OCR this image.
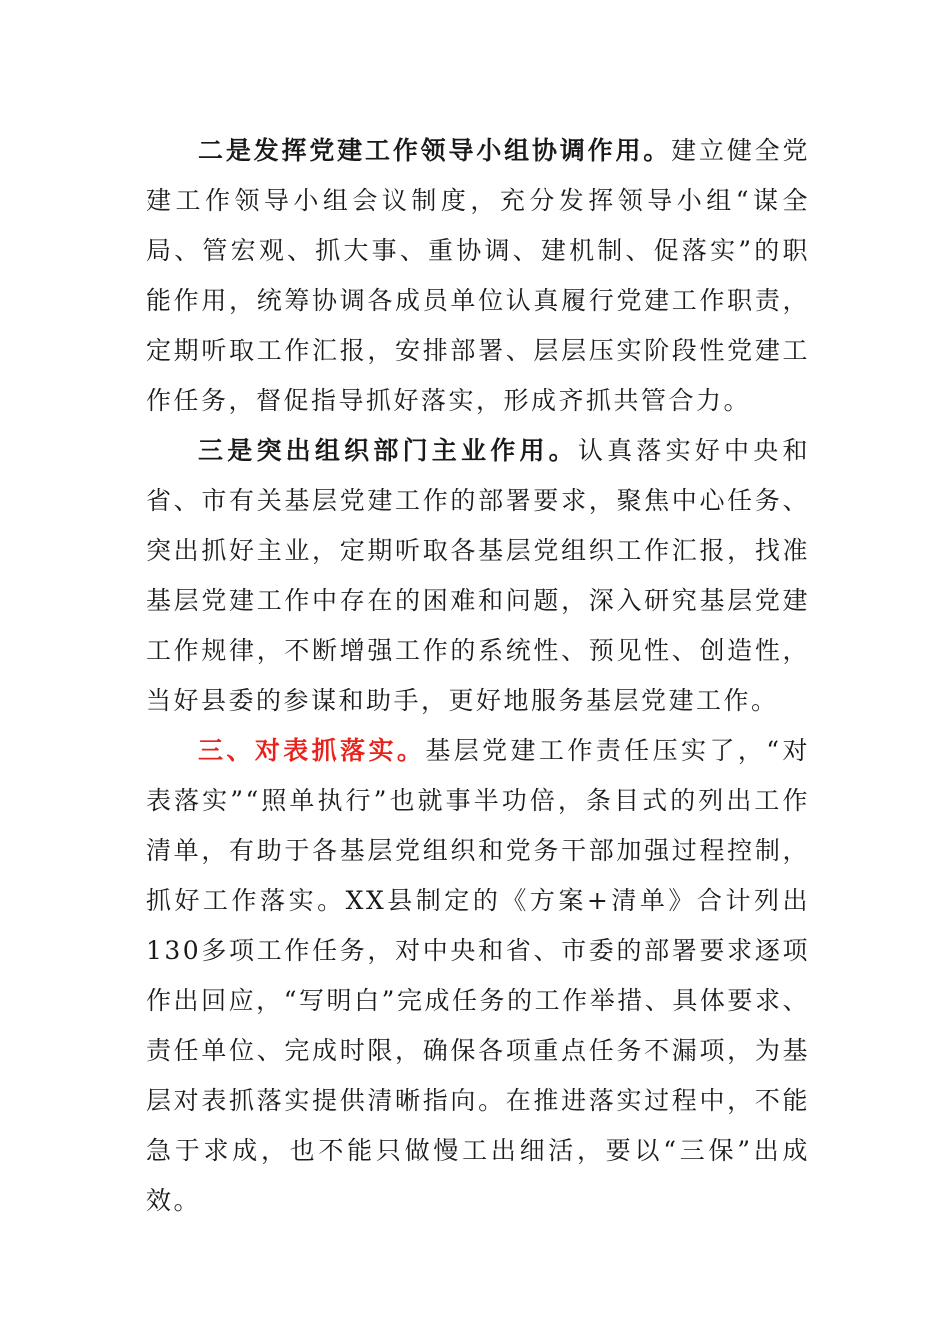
二是发挥党建工作领导小组协调作用。建立健全党建工作领导小组会议制度，充分发挥领导小组“谋全局、管宏观、抓大事、重协调、建机制、促落实”的职能作用，统筹协调各成员单位认真履行党建工作职责，定期听取工作汇报，安排部署、层层压实阶段性党建工作任务，督促指导抓好落实，形成齐抓共管合力。

三是突出组织部门主业作用。认真落实好中央和省、市有关基层党建工作的部署要求，聚焦中心任务、突出抓好主业，定期听取各基层党组织工作汇报，找准基层党建工作中存在的困难和问题，深入研究基层党建工作规律，不断增强工作的系统性、预见性、创造性，当好县委的参谋和助手，更好地服务基层党建工作。

三、对表抓落实。基层党建工作责任压实了，“对表落实”“照单执行”也就事半功倍，条目式的列出工作清单，有助于各基层党组织和党务干部加强过程控制，抓好工作落实。XX县制定的《方案+清单》合计列出130多项工作任务，对中央和省、市委的部署要求逐项作出回应，“写明白”完成任务的工作举措、具体要求、责任单位、完成时限，确保各项重点任务不漏项，为基层对表抓落实提供清晰指向。在推进落实过程中，不能急于求成，也不能只做慢工出细活，要以“三保”出成效。
